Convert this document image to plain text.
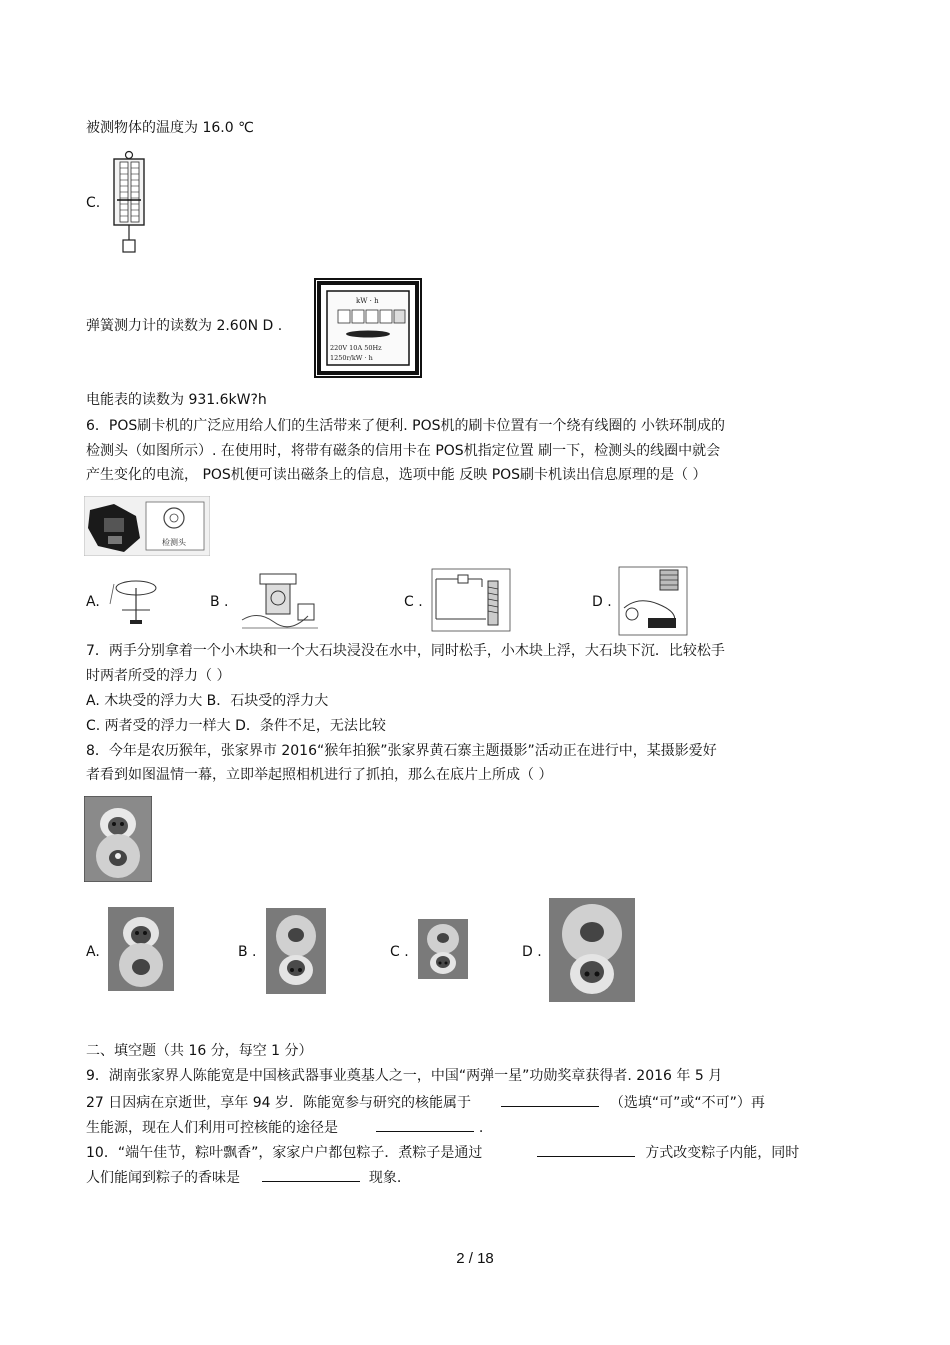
被测物体的温度为 16.0 ℃
C.
弹簧测力计的读数为 2.60N D .
kW · h
220V 10A 50Hz
1250r/kW · h
电能表的读数为 931.6kW?h
6．POS刷卡机的广泛应用给人们的生活带来了便利. POS机的刷卡位置有一个绕有线圈的 小铁环制成的
检测头（如图所示）. 在使用时，将带有磁条的信用卡在 POS机指定位置 刷一下，检测头的线圈中就会
产生变化的电流， POS机便可读出磁条上的信息，选项中能 反映 POS刷卡机读出信息原理的是（ ）
检测头
A.	B .	C .	D .
7．两手分别拿着一个小木块和一个大石块浸没在水中，同时松手，小木块上浮，大石块下沉．比较松手
时两者所受的浮力（ ）
A. 木块受的浮力大 B．石块受的浮力大
C. 两者受的浮力一样大 D．条件不足，无法比较
8．今年是农历猴年，张家界市 2016“猴年拍猴”张家界黄石寨主题摄影”活动正在进行中，某摄影爱好
者看到如图温情一幕，立即举起照相机进行了抓拍，那么在底片上所成（ ）
A.	B .	C .	D .
二、填空题（共 16 分，每空 1 分）
9．湖南张家界人陈能宽是中国核武器事业奠基人之一，中国“两弹一星”功勋奖章获得者. 2016 年 5 月
27 日因病在京逝世，享年 94 岁．陈能宽参与研究的核能属于	（选填“可”或“不可”）再
生能源，现在人们利用可控核能的途径是	.
10．“端午佳节，粽叶飘香”，家家户户都包粽子．煮粽子是通过	方式改变粽子内能，同时
人们能闻到粽子的香味是	现象.
2 / 18
